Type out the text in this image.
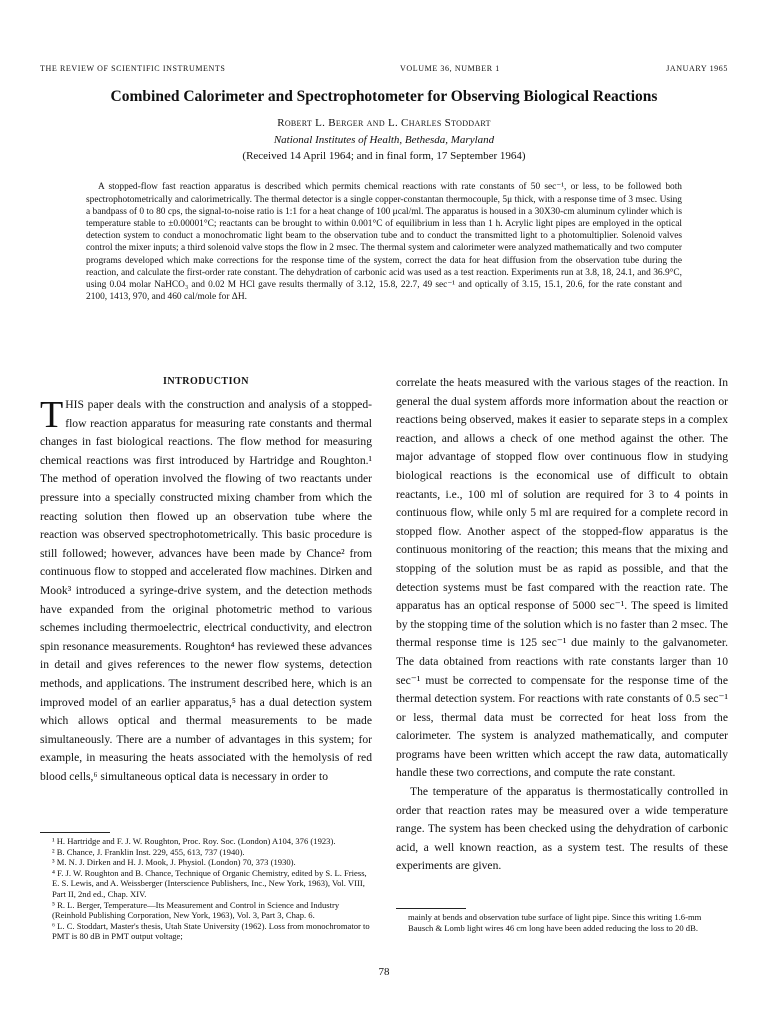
THE REVIEW OF SCIENTIFIC INSTRUMENTS	VOLUME 36, NUMBER 1	JANUARY 1965
Combined Calorimeter and Spectrophotometer for Observing Biological Reactions
Robert L. Berger and L. Charles Stoddart
National Institutes of Health, Bethesda, Maryland
(Received 14 April 1964; and in final form, 17 September 1964)

A stopped-flow fast reaction apparatus is described which permits chemical reactions with rate constants of 50 sec⁻¹, or less, to be followed both spectrophotometrically and calorimetrically. The thermal detector is a single copper-constantan thermocouple, 5μ thick, with a response time of 3 msec. Using a bandpass of 0 to 80 cps, the signal-to-noise ratio is 1:1 for a heat change of 100 μcal/ml. The apparatus is housed in a 30X30-cm aluminum cylinder which is temperature stable to ±0.00001°C; reactants can be brought to within 0.001°C of equilibrium in less than 1 h. Acrylic light pipes are employed in the optical detection system to conduct a monochromatic light beam to the observation tube and to conduct the transmitted light to a photomultiplier. Solenoid valves control the mixer inputs; a third solenoid valve stops the flow in 2 msec. The thermal system and calorimeter were analyzed mathematically and two computer programs developed which make corrections for the response time of the system, correct the data for heat diffusion from the observation tube during the reaction, and calculate the first-order rate constant. The dehydration of carbonic acid was used as a test reaction. Experiments run at 3.8, 18, 24.1, and 36.9°C, using 0.04 molar NaHCO₃ and 0.02 M HCl gave results thermally of 3.12, 15.8, 22.7, 49 sec⁻¹ and optically of 3.15, 15.1, 20.6, for the rate constant and 2100, 1413, 970, and 460 cal/mole for ΔH.

INTRODUCTION

THIS paper deals with the construction and analysis of a stopped-flow reaction apparatus for measuring rate constants and thermal changes in fast biological reactions. The flow method for measuring chemical reactions was first introduced by Hartridge and Roughton.¹ The method of operation involved the flowing of two reactants under pressure into a specially constructed mixing chamber from which the reacting solution then flowed up an observation tube where the reaction was observed spectrophotometrically. This basic procedure is still followed; however, advances have been made by Chance² from continuous flow to stopped and accelerated flow machines. Dirken and Mook³ introduced a syringe-drive system, and the detection methods have expanded from the original photometric method to various schemes including thermoelectric, electrical conductivity, and electron spin resonance measurements. Roughton⁴ has reviewed these advances in detail and gives references to the newer flow systems, detection methods, and applications. The instrument described here, which is an improved model of an earlier apparatus,⁵ has a dual detection system which allows optical and thermal measurements to be made simultaneously. There are a number of advantages in this system; for example, in measuring the heats associated with the hemolysis of red blood cells,⁶ simultaneous optical data is necessary in order to

correlate the heats measured with the various stages of the reaction. In general the dual system affords more information about the reaction or reactions being observed, makes it easier to separate steps in a complex reaction, and allows a check of one method against the other. The major advantage of stopped flow over continuous flow in studying biological reactions is the economical use of difficult to obtain reactants, i.e., 100 ml of solution are required for 3 to 4 points in continuous flow, while only 5 ml are required for a complete record in stopped flow. Another aspect of the stopped-flow apparatus is the continuous monitoring of the reaction; this means that the mixing and stopping of the solution must be as rapid as possible, and that the detection systems must be fast compared with the reaction rate. The apparatus has an optical response of 5000 sec⁻¹. The speed is limited by the stopping time of the solution which is no faster than 2 msec. The thermal response time is 125 sec⁻¹ due mainly to the galvanometer. The data obtained from reactions with rate constants larger than 10 sec⁻¹ must be corrected to compensate for the response time of the thermal detection system. For reactions with rate constants of 0.5 sec⁻¹ or less, thermal data must be corrected for heat loss from the calorimeter. The system is analyzed mathematically, and computer programs have been written which accept the raw data, automatically handle these two corrections, and compute the rate constant.

The temperature of the apparatus is thermostatically controlled in order that reaction rates may be measured over a wide temperature range. The system has been checked using the dehydration of carbonic acid, a well known reaction, as a system test. The results of these experiments are given.

¹ H. Hartridge and F. J. W. Roughton, Proc. Roy. Soc. (London) A104, 376 (1923).

² B. Chance, J. Franklin Inst. 229, 455, 613, 737 (1940).

³ M. N. J. Dirken and H. J. Mook, J. Physiol. (London) 70, 373 (1930).

⁴ F. J. W. Roughton and B. Chance, Technique of Organic Chemistry, edited by S. L. Friess, E. S. Lewis, and A. Weissberger (Interscience Publishers, Inc., New York, 1963), Vol. VIII, Part II, 2nd ed., Chap. XIV.

⁵ R. L. Berger, Temperature—Its Measurement and Control in Science and Industry (Reinhold Publishing Corporation, New York, 1963), Vol. 3, Part 3, Chap. 6.

⁶ L. C. Stoddart, Master's thesis, Utah State University (1962). Loss from monochromator to PMT is 80 dB in PMT output voltage;

mainly at bends and observation tube surface of light pipe. Since this writing 1.6-mm Bausch & Lomb light wires 46 cm long have been added reducing the loss to 20 dB.

78
